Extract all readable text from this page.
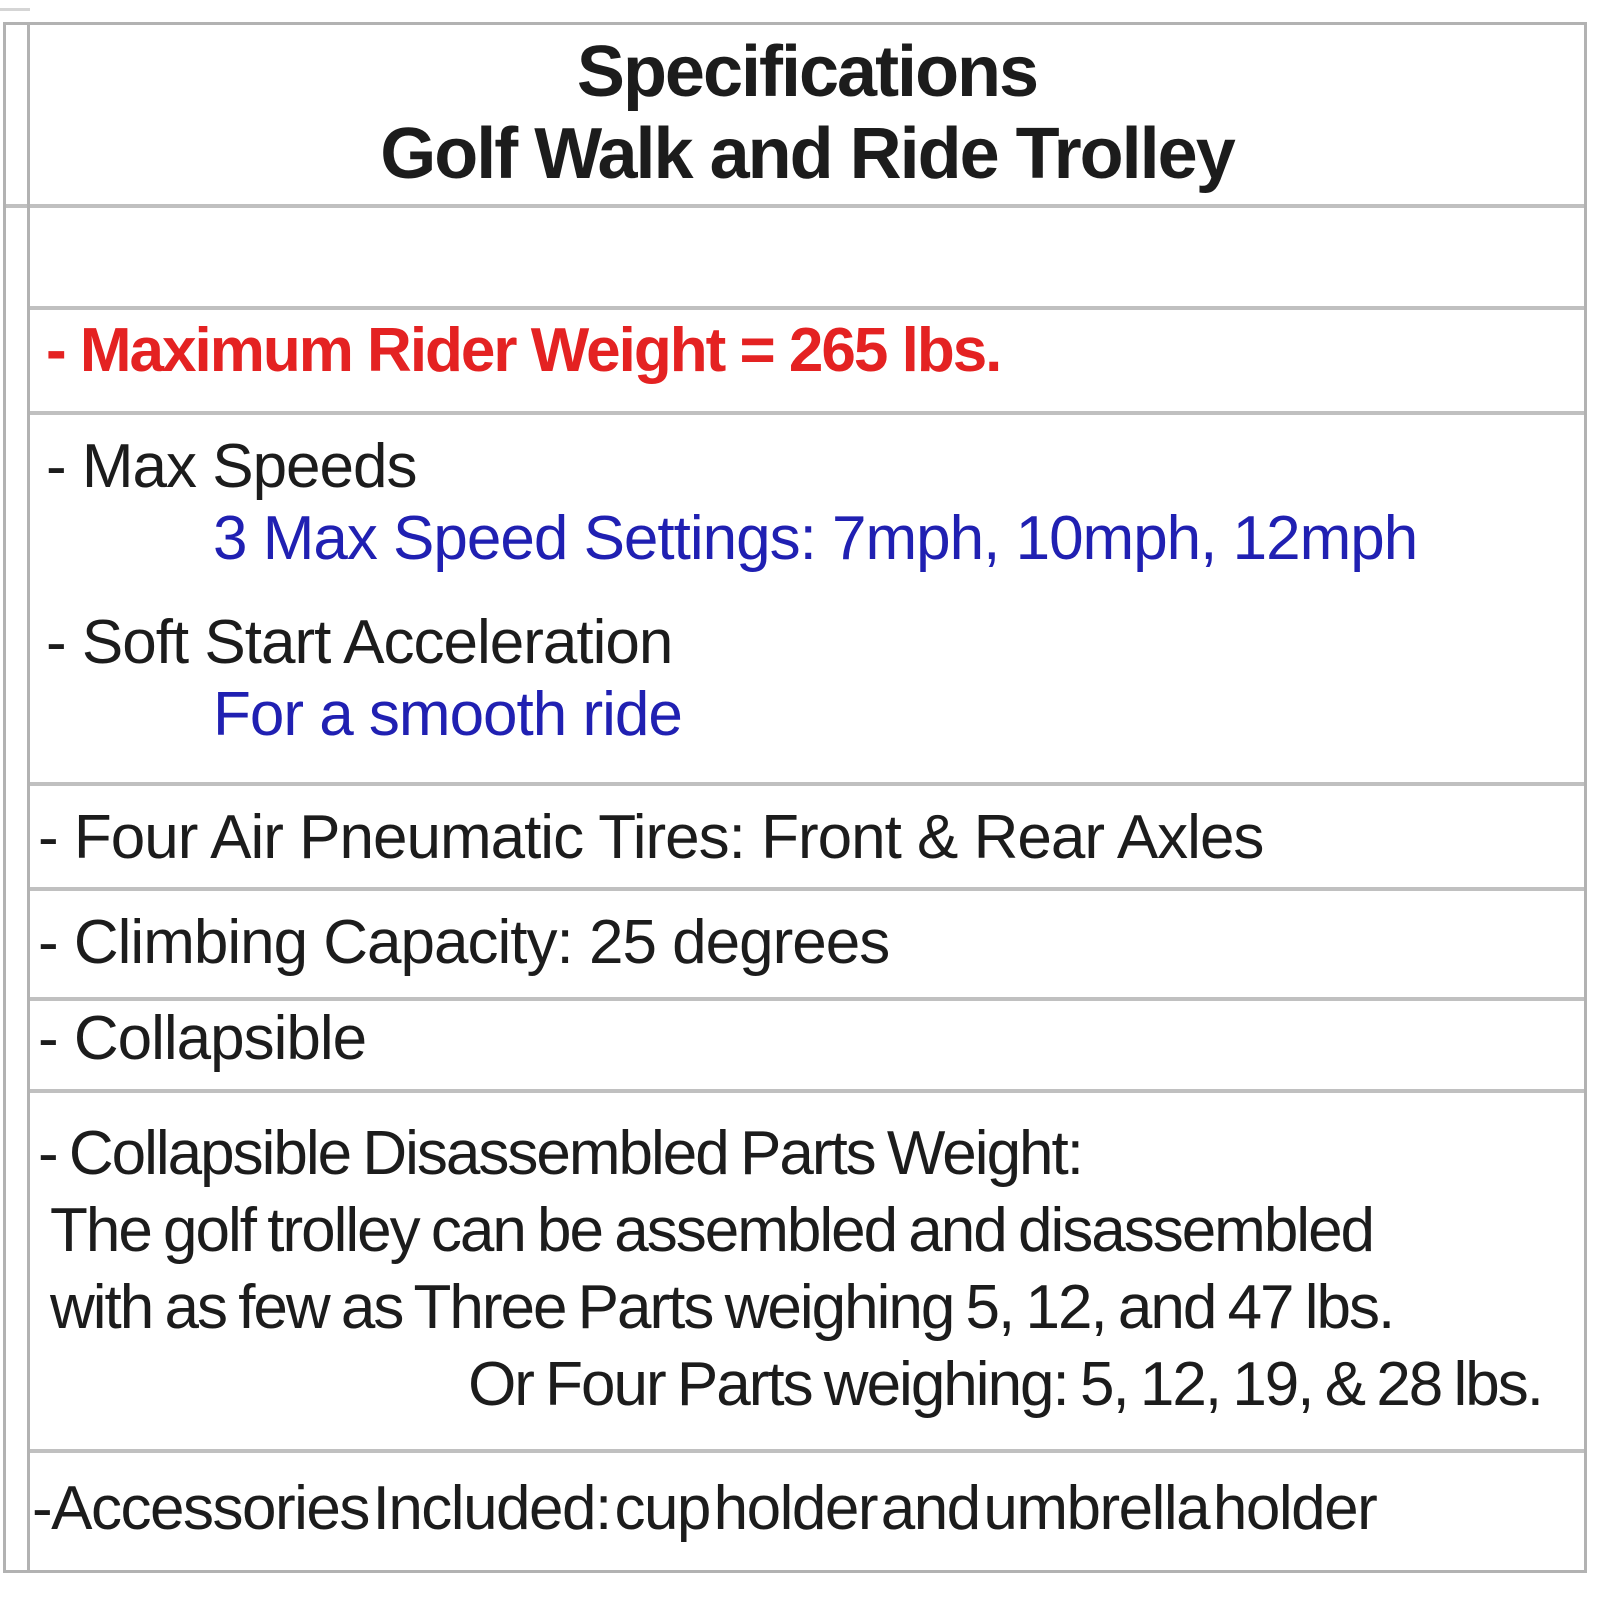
Specifications
Golf Walk and Ride Trolley
- Maximum Rider Weight = 265 lbs.
- Max Speeds
3 Max Speed Settings: 7mph, 10mph, 12mph
- Soft Start Acceleration
For a smooth ride
- Four Air Pneumatic Tires: Front & Rear Axles
- Climbing Capacity: 25 degrees
- Collapsible
- Collapsible Disassembled Parts Weight:
The golf trolley can be assembled and disassembled
with as few as Three Parts weighing 5, 12, and 47 lbs.
Or Four Parts weighing: 5, 12, 19, & 28 lbs.
-Accessories Included: cup holder and umbrella holder
